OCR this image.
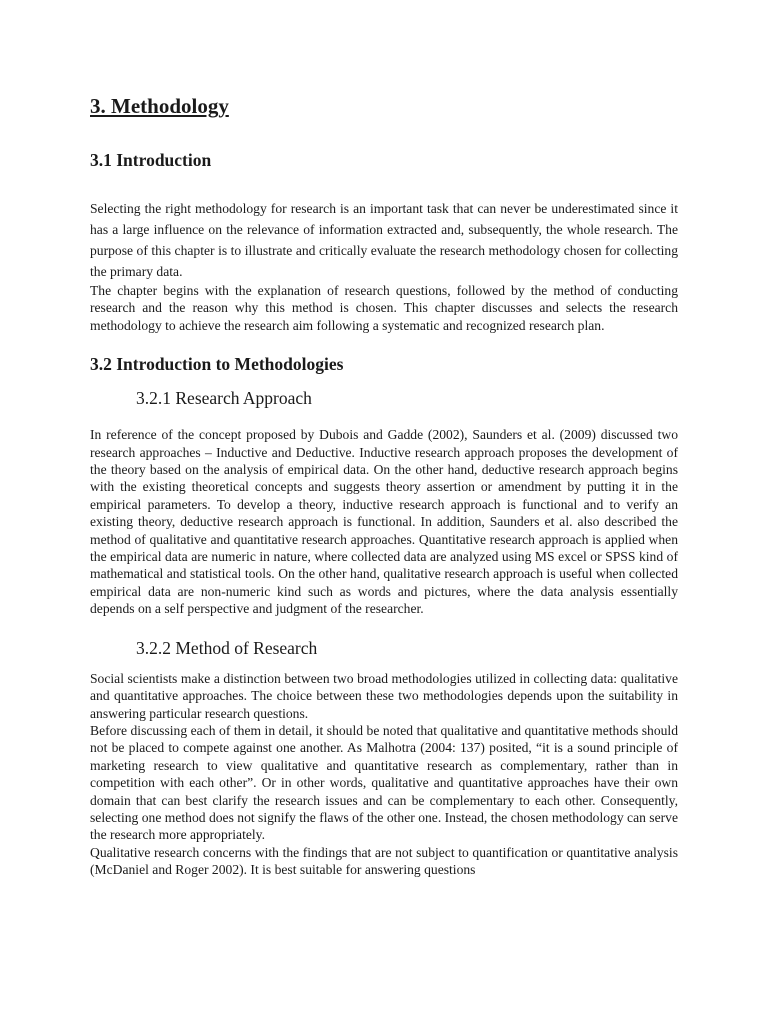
3. Methodology
3.1 Introduction

Selecting the right methodology for research is an important task that can never be underestimated since it has a large influence on the relevance of information extracted and, subsequently, the whole research. The purpose of this chapter is to illustrate and critically evaluate the research methodology chosen for collecting the primary data.

The chapter begins with the explanation of research questions, followed by the method of conducting research and the reason why this method is chosen. This chapter discusses and selects the research methodology to achieve the research aim following a systematic and recognized research plan.

3.2 Introduction to Methodologies
3.2.1 Research Approach

In reference of the concept proposed by Dubois and Gadde (2002), Saunders et al. (2009) discussed two research approaches – Inductive and Deductive. Inductive research approach proposes the development of the theory based on the analysis of empirical data. On the other hand, deductive research approach begins with the existing theoretical concepts and suggests theory assertion or amendment by putting it in the empirical parameters. To develop a theory, inductive research approach is functional and to verify an existing theory, deductive research approach is functional. In addition, Saunders et al. also described the method of qualitative and quantitative research approaches. Quantitative research approach is applied when the empirical data are numeric in nature, where collected data are analyzed using MS excel or SPSS kind of mathematical and statistical tools. On the other hand, qualitative research approach is useful when collected empirical data are non-numeric kind such as words and pictures, where the data analysis essentially depends on a self perspective and judgment of the researcher.

3.2.2 Method of Research

Social scientists make a distinction between two broad methodologies utilized in collecting data: qualitative and quantitative approaches. The choice between these two methodologies depends upon the suitability in answering particular research questions.

Before discussing each of them in detail, it should be noted that qualitative and quantitative methods should not be placed to compete against one another. As Malhotra (2004: 137) posited, “it is a sound principle of marketing research to view qualitative and quantitative research as complementary, rather than in competition with each other”. Or in other words, qualitative and quantitative approaches have their own domain that can best clarify the research issues and can be complementary to each other. Consequently, selecting one method does not signify the flaws of the other one. Instead, the chosen methodology can serve the research more appropriately.

Qualitative research concerns with the findings that are not subject to quantification or quantitative analysis (McDaniel and Roger 2002). It is best suitable for answering questions
